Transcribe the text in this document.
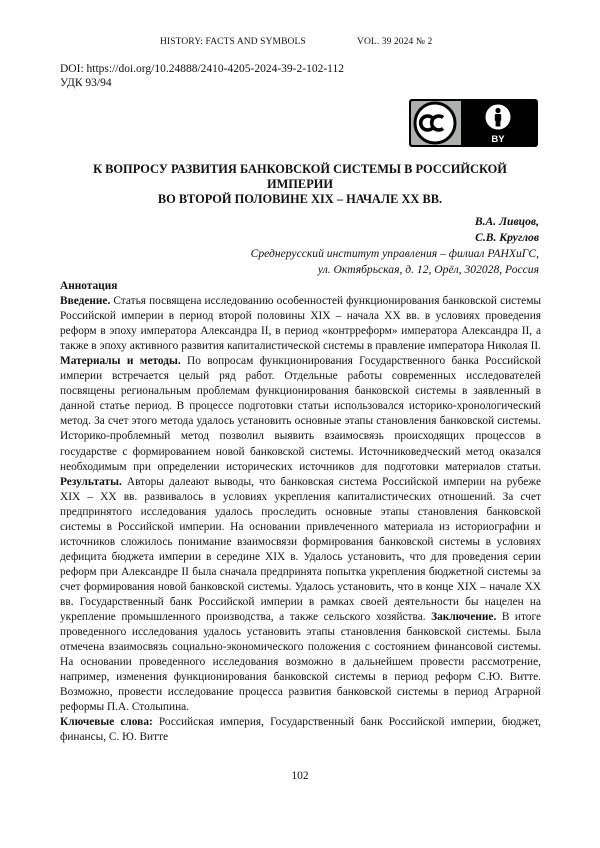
HISTORY: FACTS AND SYMBOLS	VOL. 39 2024 № 2
DOI: https://doi.org/10.24888/2410-4205-2024-39-2-102-112
УДК 93/94
BY
К ВОПРОСУ РАЗВИТИЯ БАНКОВСКОЙ СИСТЕМЫ В РОССИЙСКОЙ ИМПЕРИИ
ВО ВТОРОЙ ПОЛОВИНЕ XIX – НАЧАЛЕ XX ВВ.
В.А. Ливцов,
С.В. Круглов
Среднерусский институт управления – филиал РАНХиГС,
ул. Октябрьская, д. 12, Орёл, 302028, Россия
Аннотация

Введение. Статья посвящена исследованию особенностей функционирования банковской системы Российской империи в период второй половины XIX – начала XX вв. в условиях проведения реформ в эпоху императора Александра II, в период «контрреформ» императора Александра II, а также в эпоху активного развития капиталистической системы в правление императора Николая II. Материалы и методы. По вопросам функционирования Государственного банка Российской империи встречается целый ряд работ. Отдельные работы современных исследователей посвящены региональным проблемам функционирования банковской системы в заявленный в данной статье период. В процессе подготовки статьи использовался историко-хронологический метод. За счет этого метода удалось установить основные этапы становления банковской системы. Историко-проблемный метод позволил выявить взаимосвязь происходящих процессов в государстве с формированием новой банковской системы. Источниковедческий метод оказался необходимым при определении исторических источников для подготовки материалов статьи. Результаты. Авторы далеают выводы, что банковская система Российской империи на рубеже XIX – XX вв. развивалось в условиях укрепления капиталистических отношений. За счет предпринятого исследования удалось проследить основные этапы становления банковской системы в Российской империи. На основании привлеченного материала из историографии и источников сложилось понимание взаимосвязи формирования банковской системы в условиях дефицита бюджета империи в середине XIX в. Удалось установить, что для проведения серии реформ при Александре II была сначала предпринята попытка укрепления бюджетной системы за счет формирования новой банковской системы. Удалось установить, что в конце XIX – начале XX вв. Государственный банк Российской империи в рамках своей деятельности бы нацелен на укрепление промышленного производства, а также сельского хозяйства. Заключение. В итоге проведенного исследования удалось установить этапы становления банковской системы. Была отмечена взаимосвязь социально-экономического положения с состоянием финансовой системы. На основании проведенного исследования возможно в дальнейшем провести рассмотрение, например, изменения функционирования банковской системы в период реформ С.Ю. Витте. Возможно, провести исследование процесса развития банковской системы в период Аграрной реформы П.А. Столыпина.

Ключевые слова: Российская империя, Государственный банк Российской империи, бюджет, финансы, С. Ю. Витте

102
